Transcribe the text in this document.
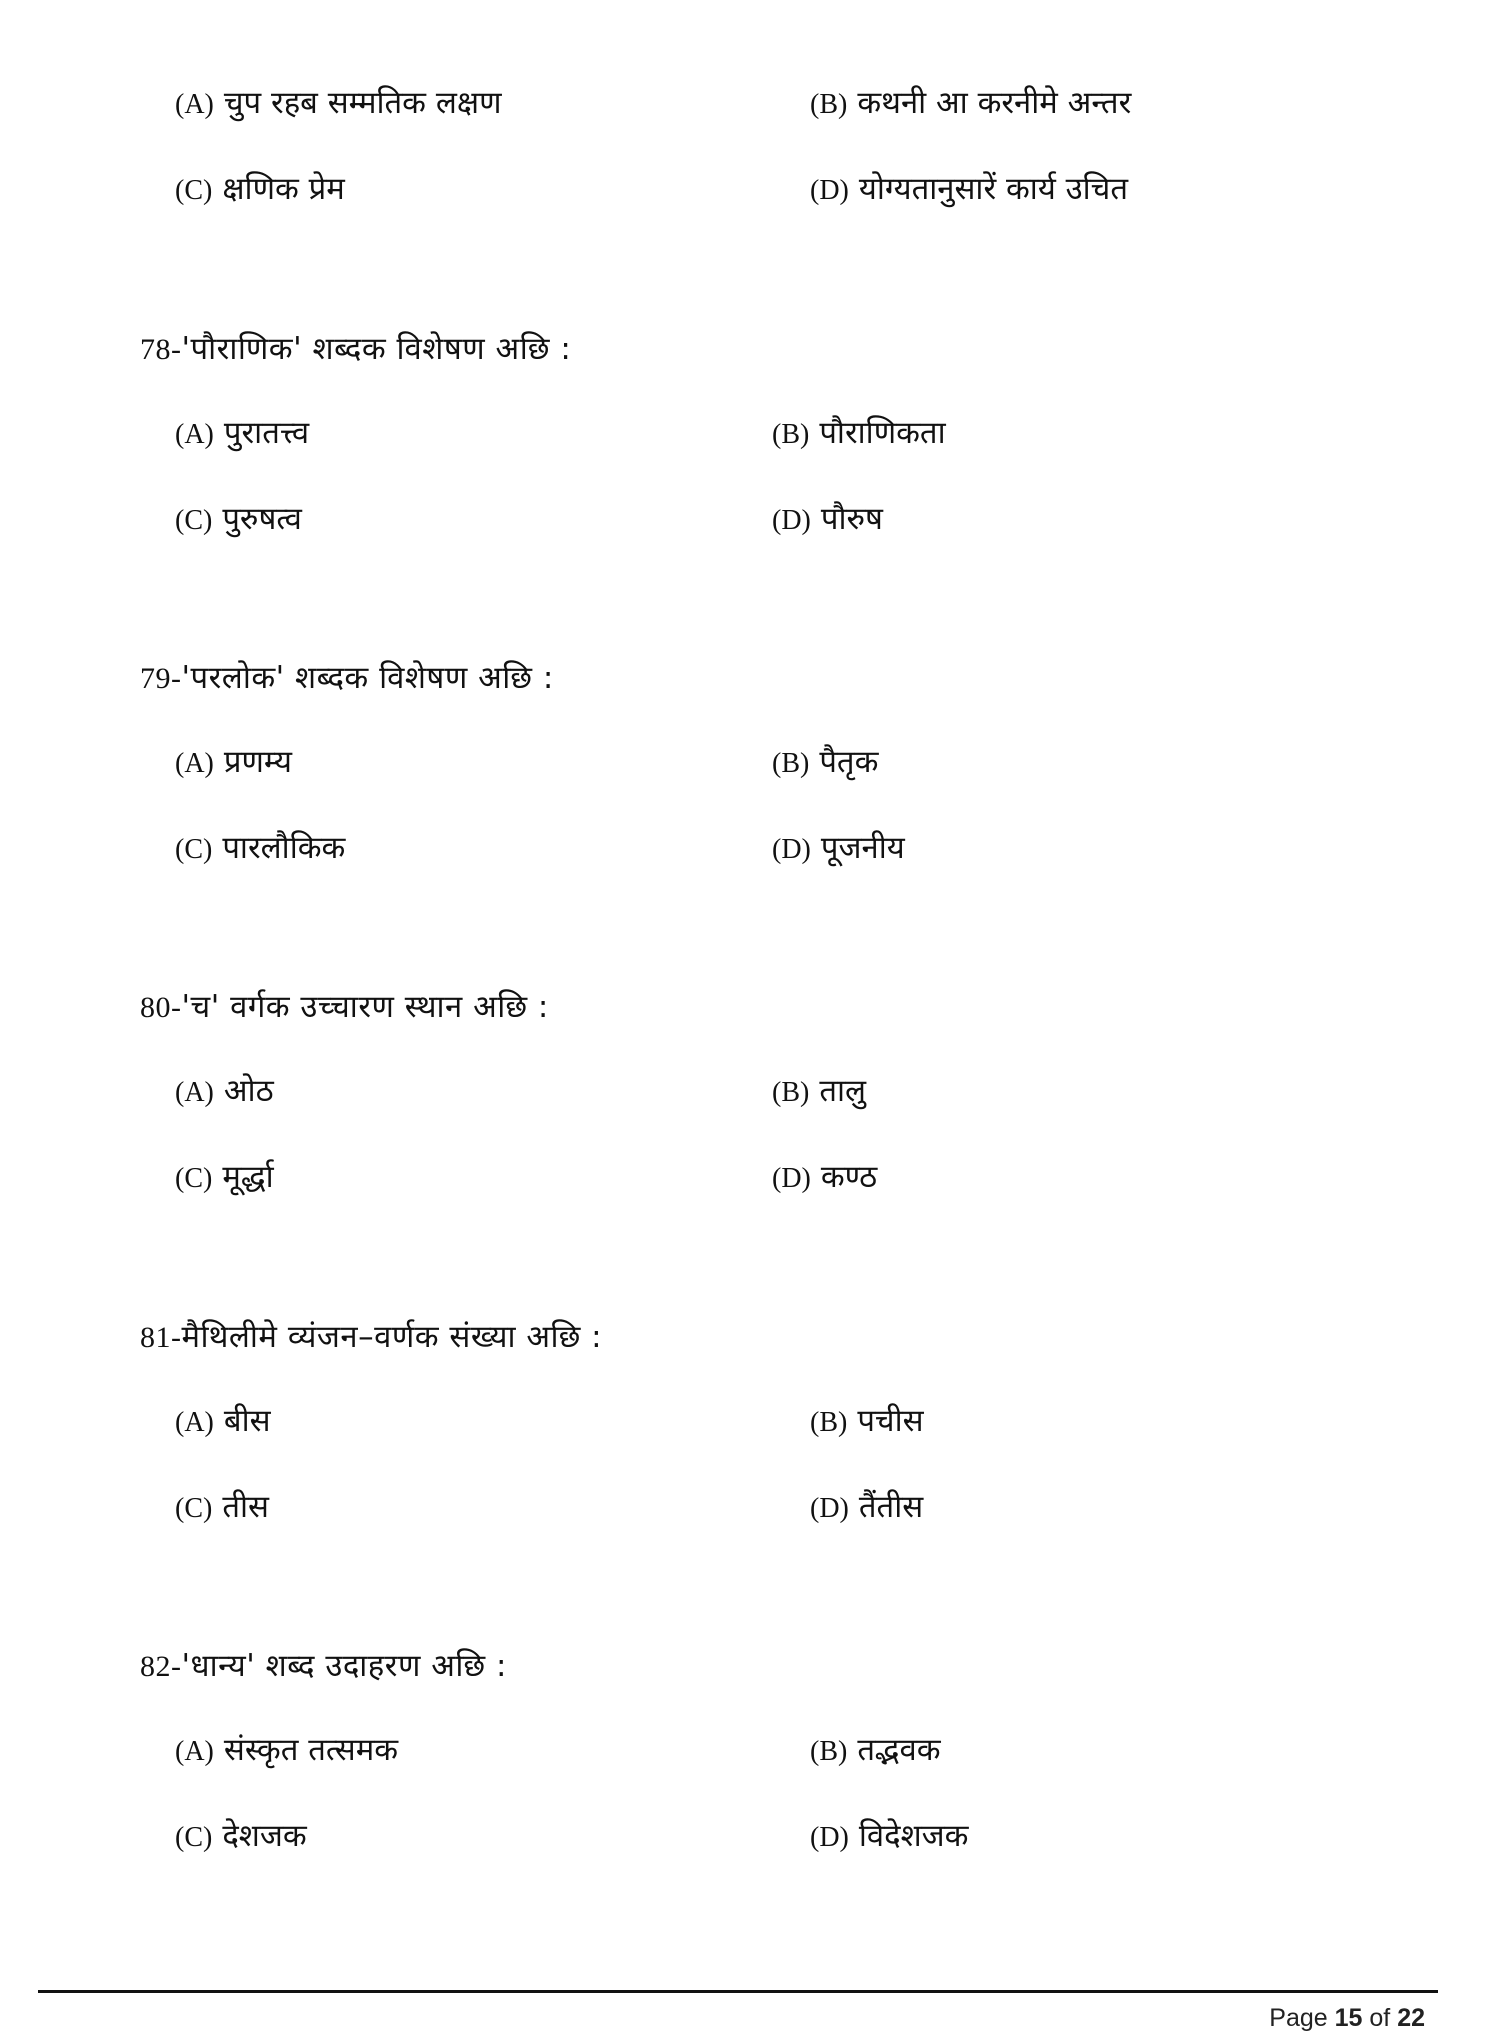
(A) चुप रहब सम्मतिक लक्षण	(B) कथनी आ करनीमे अन्तर
(C) क्षणिक प्रेम	(D) योग्यतानुसारें कार्य उचित
78-'पौराणिक' शब्दक विशेषण अछि :
(A) पुरातत्त्व	(B) पौराणिकता
(C) पुरुषत्व	(D) पौरुष
79-'परलोक' शब्दक विशेषण अछि :
(A) प्रणम्य	(B) पैतृक
(C) पारलौकिक	(D) पूजनीय
80-'च' वर्गक उच्चारण स्थान अछि :
(A) ओठ	(B) तालु
(C) मूर्द्धा	(D) कण्ठ
81-मैथिलीमे व्यंजन–वर्णक संख्या अछि :
(A) बीस	(B) पचीस
(C) तीस	(D) तैंतीस
82-'धान्य' शब्द उदाहरण अछि :
(A) संस्कृत तत्समक	(B) तद्भवक
(C) देशजक	(D) विदेशजक
Page 15 of 22
